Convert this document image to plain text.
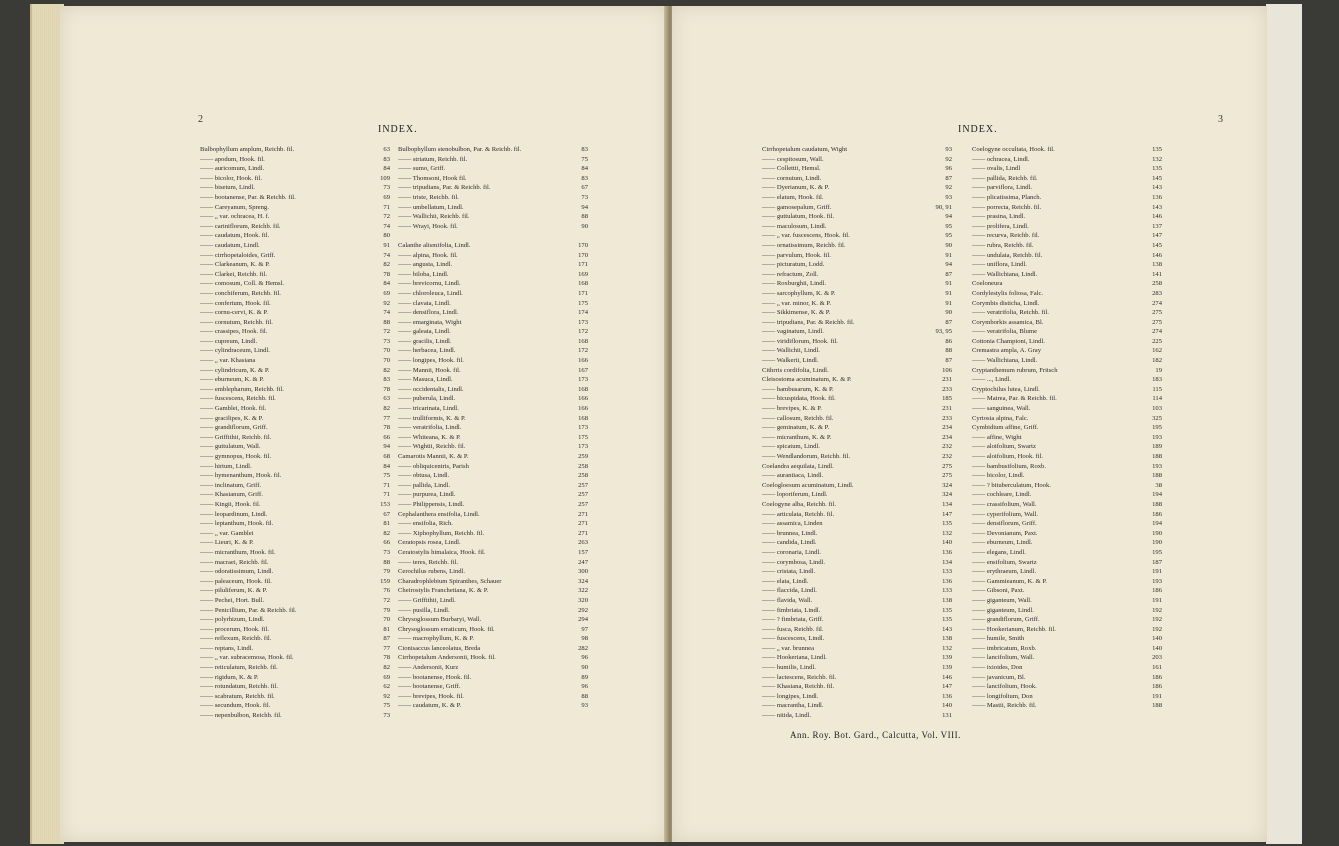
2
INDEX.
Bulbophyllum amplum, Reichb. fil.	63
—— apodum, Hook. fil.	83
—— auricomum, Lindl.	84
—— bicolor, Hook. fil.	109
—— bisetum, Lindl.	73
—— bootanense, Par. & Reichb. fil.	69
—— Careyanum, Spreng.	71
—— „ var. ochracea, H. f.	72
—— cariniflorum, Reichb. fil.	74
—— caudatum, Hook. fil.	80
—— caudatum, Lindl.	91
—— cirrhopetaloides, Griff.	74
—— Clarkeanum, K. & P.	82
—— Clarkei, Reichb. fil.	78
—— comosum, Coll. & Hemsl.	84
—— conchiferum, Reichb. fil.	69
—— confertum, Hook. fil.	92
—— cornu-cervi, K. & P.	74
—— cornutum, Reichb. fil.	88
—— crassipes, Hook. fil.	72
—— cupreum, Lindl.	73
—— cylindraceum, Lindl.	70
—— „ var. Khasiana	70
—— cylindricum, K. & P.	82
—— eburneum, K. & P.	83
—— emblepharum, Reichb. fil.	78
—— fuscescens, Reichb. fil.	63
—— Gamblei, Hook. fil.	82
—— gracilipes, K. & P.	77
—— grandiflorum, Griff.	78
—— Griffithii, Reichb. fil.	66
—— guttulatum, Wall.	94
—— gymnopus, Hook. fil.	68
—— hirtum, Lindl.	84
—— hymenanthum, Hook. fil.	75
—— inclinatum, Griff.	71
—— Khasianum, Griff.	71
—— Kingii, Hook. fil.	153
—— leopardinum, Lindl.	67
—— leptanthum, Hook. fil.	81
—— „ var. Gamblei	82
—— Lieuri, K. & P.	66
—— micranthum, Hook. fil.	73
—— macraei, Reichb. fil.	88
—— odoratissimum, Lindl.	79
—— paleaceum, Hook. fil.	159
—— piluliferum, K. & P.	76
—— Pechei, Hort. Bull.	72
—— Penicillium, Par. & Reichb. fil.	79
—— polyrhizum, Lindl.	70
—— procerum, Hook. fil.	81
—— reflexum, Reichb. fil.	87
—— reptans, Lindl.	77
—— „ var. subracemosa, Hook. fil.	78
—— reticulatum, Reichb. fil.	82
—— rigidum, K. & P.	69
—— rotundatum, Reichb. fil.	62
—— scabratum, Reichb. fil.	92
—— secundum, Hook. fil.	75
—— nepenbulbon, Reichb. fil.	73
Bulbophyllum stenobulbon, Par. & Reichb. fil.	83
—— striatum, Reichb. fil.	75
—— sumo, Griff.	84
—— Thomsoni, Hook fil.	83
—— tripudians, Par. & Reichb. fil.	67
—— triste, Reichb. fil.	73
—— umbellatum, Lindl.	94
—— Wallichii, Reichb. fil.	88
—— Wrayi, Hook. fil.	90
Calanthe alismifolia, Lindl.	170
—— alpina, Hook. fil.	170
—— angusta, Lindl.	171
—— biloba, Lindl.	169
—— brevicornu, Lindl.	168
—— chloroleuca, Lindl.	171
—— clavata, Lindl.	175
—— densiflora, Lindl.	174
—— emarginata, Wight	173
—— galeata, Lindl.	172
—— gracilis, Lindl.	168
—— herbacea, Lindl.	172
—— longipes, Hook. fil.	166
—— Mannii, Hook. fil.	167
—— Masuca, Lindl.	173
—— occidentalis, Lindl.	168
—— puberula, Lindl.	166
—— tricarinata, Lindl.	166
—— trulliformis, K. & P.	168
—— veratrifolia, Lindl.	173
—— Whiteana, K. & P.	175
—— Wightii, Reichb. fil.	173
Camarotis Mannii, K. & P.	259
—— obliquicentris, Parish	258
—— obtusa, Lindl.	258
—— pallida, Lindl.	257
—— purpurea, Lindl.	257
—— Philippensis, Lindl.	257
Cephalanthera ensifolia, Lindl.	271
—— ensifolia, Rich.	271
—— Xiphophyllum, Reichb. fil.	271
Ceratopsis rosea, Lindl.	263
Ceratostylis himalaica, Hook. fil.	157
—— teres, Reichb. fil.	247
Cerochilus rubens, Lindl.	300
Charadrophlebium Spiranthes, Schauer	324
Cheirostylis Franchetiana, K. & P.	322
—— Griffithii, Lindl.	320
—— pusilla, Lindl.	292
Chrysoglossum Burbaryi, Wall.	294
Chrysoglossum erraticum, Hook. fil.	97
—— macrophyllum, K. & P.	98
Cionisaccus lanceolatus, Breda	282
Cirrhopetalum Andersonii, Hook. fil.	96
—— Andersonii, Kurz	90
—— bootanense, Hook. fil.	89
—— bootanense, Griff.	96
—— brevipes, Hook. fil.	88
—— caudatum, K. & P.	93
3
INDEX.
Cirrhopetalum caudatum, Wight	93
—— cespitosum, Wall.	92
—— Collettii, Hemsl.	96
—— cornutum, Lindl.	87
—— Dyerianum, K. & P.	92
—— elatum, Hook. fil.	93
—— gamosepalum, Griff.	90, 91
—— guttulatum, Hook. fil.	94
—— maculosum, Lindl.	95
—— „ var. fuscescens, Hook. fil.	95
—— ornatissimum, Reichb. fil.	90
—— parvulum, Hook. fil.	91
—— picturatum, Lodd.	94
—— refractum, Zoll.	87
—— Roxburghii, Lindl.	91
—— sarcophyllum, K. & P.	91
—— „ var. minor, K. & P.	91
—— Sikkimense, K. & P.	90
—— tripudians, Par. & Reichb. fil.	87
—— vaginatum, Lindl.	93, 95
—— viridiflorum, Hook. fil.	86
—— Wallichii, Lindl.	88
—— Walkerii, Lindl.	87
Cithrris cordifolia, Lindl.	106
Cleisostoma acuminatum, K. & P.	231
—— bambusarum, K. & P.	233
—— bicuspidata, Hook. fil.	185
—— brevipes, K. & P.	231
—— callosum, Reichb. fil.	233
—— geminatum, K. & P.	234
—— micranthum, K. & P.	234
—— spicatum, Lindl.	232
—— Wendlandorum, Reichb. fil.	232
Coelandra aequilata, Lindl.	275
—— aurantiaca, Lindl.	275
Coelogloesum acuminatum, Lindl.	324
—— loporiferum, Lindl.	324
Coelogyne alba, Reichb. fil.	134
—— articulata, Reichb. fil.	147
—— assamica, Linden	135
—— brunnea, Lindl.	132
—— candida, Lindl.	140
—— coronaria, Lindl.	136
—— corymbosa, Lindl.	134
—— cristata, Lindl.	133
—— elata, Lindl.	136
—— flaccida, Lindl.	133
—— flavida, Wall.	138
—— fimbriata, Lindl.	135
—— ? fimbriata, Griff.	135
—— fusca, Reichb. fil.	143
—— fuscescens, Lindl.	138
—— „ var. brunnea	132
—— Hookeriana, Lindl.	139
—— humilis, Lindl.	139
—— lactescens, Reichb. fil.	146
—— Khasiana, Reichb. fil.	147
—— longipes, Lindl.	136
—— macrantha, Lindl.	140
—— nitida, Lindl.	131
Coelogyne occultata, Hook. fil.	135
—— ochracea, Lindl.	132
—— ovalis, Lindl	135
—— pallida, Reichb. fil.	145
—— parviflora, Lindl.	143
—— plicatissima, Planch.	136
—— porrecta, Reichb. fil.	143
—— prasina, Lindl.	146
—— prolifera, Lindl.	137
—— recurva, Reichb. fil.	147
—— rubra, Reichb. fil.	145
—— undulata, Reichb. fil.	146
—— uniflora, Lindl.	138
—— Wallichiana, Lindl.	141
Coeloneura	258
Cordylestylis foliosa, Falc.	283
Corymbis disticha, Lindl.	274
—— veratrifolia, Reichb. fil.	275
Corymborkis assamica, Bl.	275
—— veratrifolia, Blume	274
Cottonia Championi, Lindl.	225
Cremastra ampla, A. Gray	162
—— Wallichiana, Lindl.	182
Cryptanthemum rubrum, Fritsch	19
—— ..., Lindl.	183
Cryptochilus lutea, Lindl.	115
—— Mairea, Par. & Reichb. fil.	114
—— sanguinea, Wall.	103
Cyrtosia alpina, Falc.	325
Cymbidium affine, Griff.	195
—— affine, Wight	193
—— aloifolium, Swartz	189
—— aloifolium, Hook. fil.	188
—— bambusifolium, Roxb.	193
—— bicolor, Lindl.	188
—— ? bituberculatum, Hook.	38
—— cochleare, Lindl.	194
—— crassifolium, Wall.	188
—— cyperifolium, Wall.	186
—— densiflorum, Griff.	194
—— Devonianum, Paxt.	190
—— eburneum, Lindl.	190
—— elegans, Lindl.	195
—— ensifolium, Swartz	187
—— erythraeum, Lindl.	191
—— Gammieanum, K. & P.	193
—— Gibsoni, Paxt.	186
—— giganteum, Wall.	191
—— giganteum, Lindl.	192
—— grandiflorum, Griff.	192
—— Hookerianum, Reichb. fil.	192
—— humile, Smith	140
—— imbricatum, Roxb.	140
—— lancifolium, Wall.	203
—— ixioides, Don	161
—— javanicum, Bl.	186
—— lancifolium, Hook.	186
—— longifolium, Don	191
—— Mastii, Reichb. fil.	188
Ann. Roy. Bot. Gard., Calcutta, Vol. VIII.
